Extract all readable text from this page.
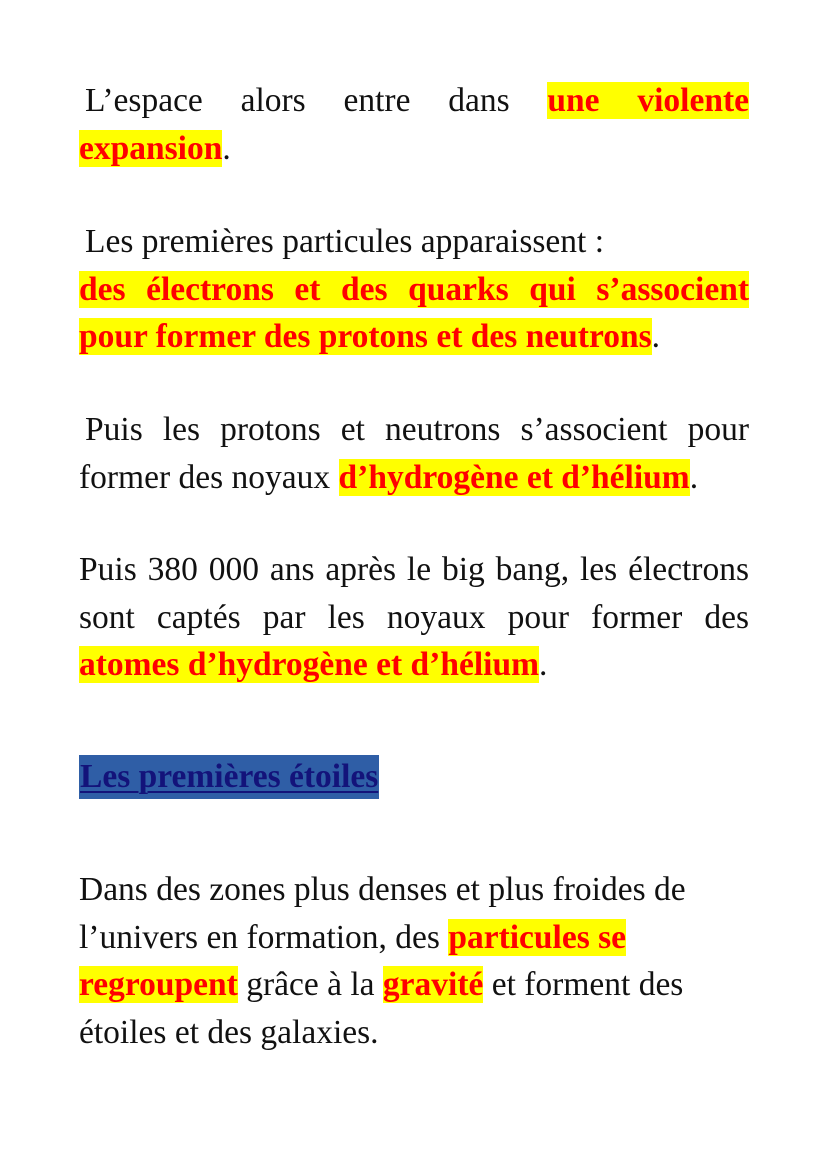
L’espace alors entre dans une violente expansion.

Les premières particules apparaissent :
des électrons et des quarks qui s’associent pour former des protons et des neutrons.

Puis les protons et neutrons s’associent pour former des noyaux d’hydrogène et d’hélium.

Puis 380 000 ans après le big bang, les électrons sont captés par les noyaux pour former des atomes d’hydrogène et d’hélium.

Les premières étoiles

Dans des zones plus denses et plus froides de l’univers en formation, des particules se regroupent grâce à la gravité et forment des étoiles et des galaxies.
